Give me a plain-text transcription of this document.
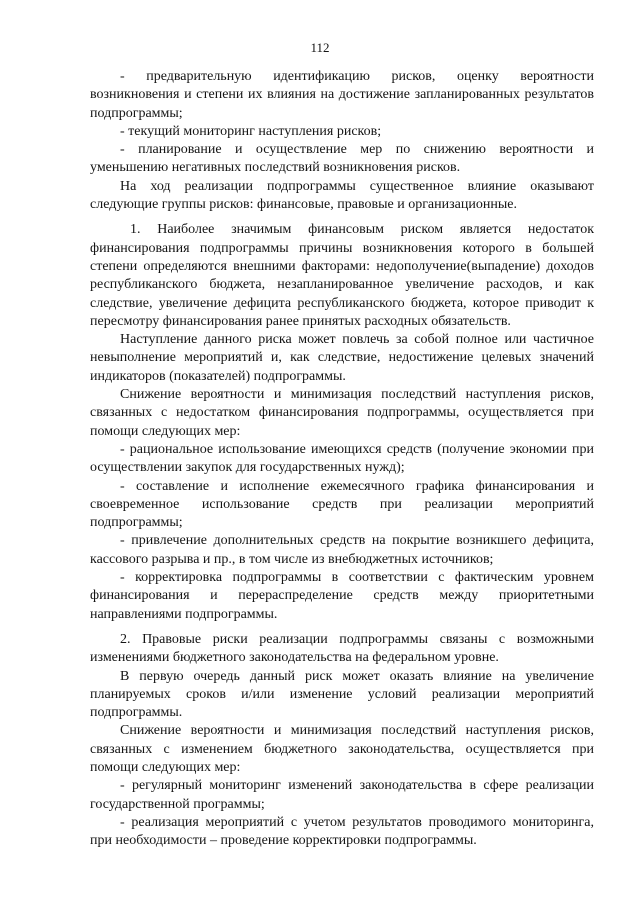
112

- предварительную идентификацию рисков, оценку вероятности возникновения и степени их влияния на достижение запланированных результатов подпрограммы;

- текущий мониторинг наступления рисков;

- планирование и осуществление мер по снижению вероятности и уменьшению негативных последствий возникновения рисков.

На ход реализации подпрограммы существенное влияние оказывают следующие группы рисков: финансовые, правовые и организационные.

1. Наиболее значимым финансовым риском является недостаток финансирования подпрограммы причины возникновения которого в большей степени определяются внешними факторами: недополучение(выпадение) доходов республиканского бюджета, незапланированное увеличение расходов, и как следствие, увеличение дефицита республиканского бюджета, которое приводит к пересмотру финансирования ранее принятых расходных обязательств.

Наступление данного риска может повлечь за собой полное или частичное невыполнение мероприятий и, как следствие, недостижение целевых значений индикаторов (показателей) подпрограммы.

Снижение вероятности и минимизация последствий наступления рисков, связанных с недостатком финансирования подпрограммы, осуществляется при помощи следующих мер:

- рациональное использование имеющихся средств (получение экономии при осуществлении закупок для государственных нужд);

- составление и исполнение ежемесячного графика финансирования и своевременное использование средств при реализации мероприятий подпрограммы;

- привлечение дополнительных средств на покрытие возникшего дефицита, кассового разрыва и пр., в том числе из внебюджетных источников;

- корректировка подпрограммы в соответствии с фактическим уровнем финансирования и перераспределение средств между приоритетными направлениями подпрограммы.

2. Правовые риски реализации подпрограммы связаны с возможными изменениями бюджетного законодательства на федеральном уровне.

В первую очередь данный риск может оказать влияние на увеличение планируемых сроков и/или изменение условий реализации мероприятий подпрограммы.

Снижение вероятности и минимизация последствий наступления рисков, связанных с изменением бюджетного законодательства, осуществляется при помощи следующих мер:

- регулярный мониторинг изменений законодательства в сфере реализации государственной программы;

- реализация мероприятий с учетом результатов проводимого мониторинга, при необходимости – проведение корректировки подпрограммы.
